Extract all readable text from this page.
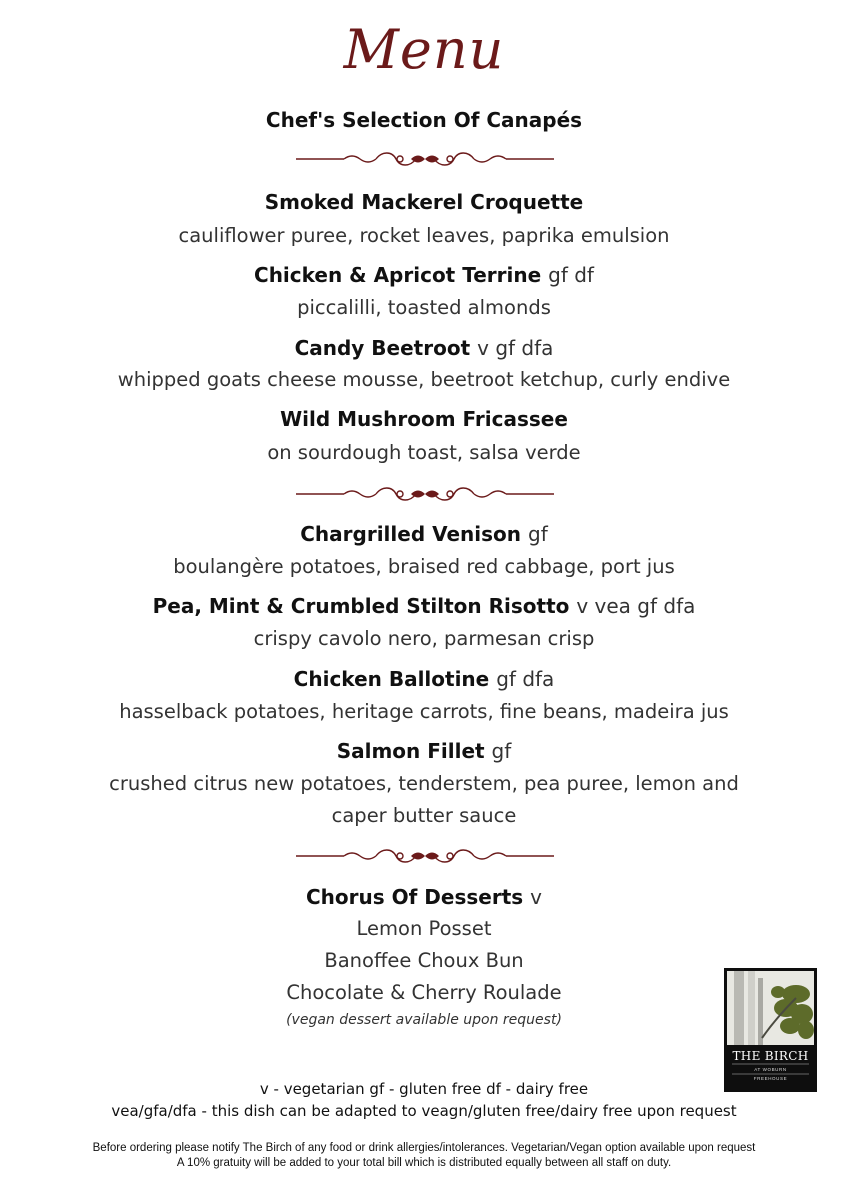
Menu
Chef's Selection Of Canapés
Smoked Mackerel Croquette
cauliflower puree, rocket leaves, paprika emulsion
Chicken & Apricot Terrine gf df
piccalilli, toasted almonds
Candy Beetroot v gf dfa
whipped goats cheese mousse, beetroot ketchup, curly endive
Wild Mushroom Fricassee
on sourdough toast, salsa verde
Chargrilled Venison gf
boulangère potatoes, braised red cabbage, port jus
Pea, Mint & Crumbled Stilton Risotto v vea gf dfa
crispy cavolo nero, parmesan crisp
Chicken Ballotine gf dfa
hasselback potatoes, heritage carrots, fine beans, madeira jus
Salmon Fillet gf
crushed citrus new potatoes, tenderstem, pea puree, lemon and
caper butter sauce
Chorus Of Desserts v
Lemon Posset
Banoffee Choux Bun
Chocolate & Cherry Roulade
(vegan dessert available upon request)
THE BIRCH
AT WOBURN
FREEHOUSE
v - vegetarian gf - gluten free df - dairy free
vea/gfa/dfa - this dish can be adapted to veagn/gluten free/dairy free upon request
Before ordering please notify The Birch of any food or drink allergies/intolerances. Vegetarian/Vegan option available upon request
A 10% gratuity will be added to your total bill which is distributed equally between all staff on duty.
